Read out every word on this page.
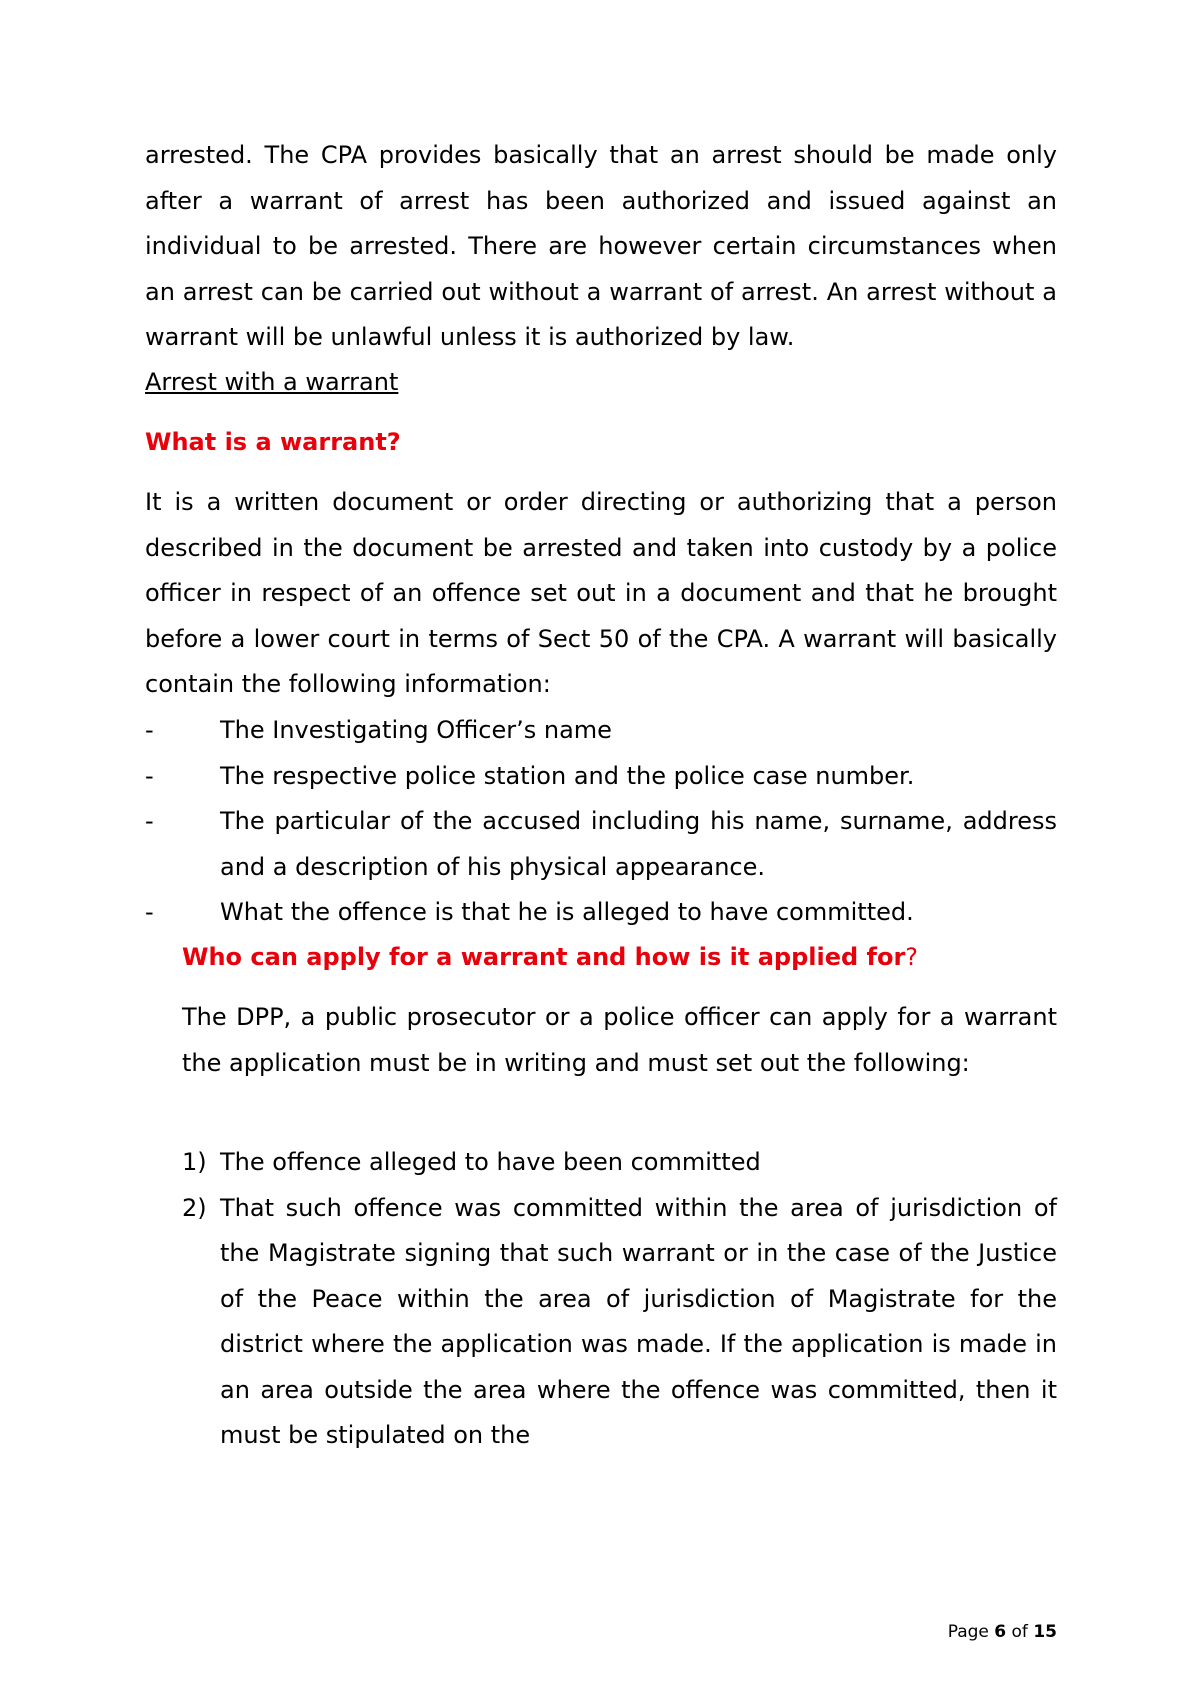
arrested. The CPA provides basically that an arrest should be made only after a warrant of arrest has been authorized and issued against an individual to be arrested. There are however certain circumstances when an arrest can be carried out without a warrant of arrest. An arrest without a warrant will be unlawful unless it is authorized by law.
Arrest with a warrant
What is a warrant?
It is a written document or order directing or authorizing that a person described in the document be arrested and taken into custody by a police officer in respect of an offence set out in a document and that he brought before a lower court in terms of Sect 50 of the CPA. A warrant will basically contain the following information:
-	The Investigating Officer’s name
-	The respective police station and the police case number.
-	The particular of the accused including his name, surname, address and a description of his physical appearance.
-	What the offence is that he is alleged to have committed.
Who can apply for a warrant and how is it applied for?
The DPP, a public prosecutor or a police officer can apply for a warrant the application must be in writing and must set out the following:
1) The offence alleged to have been committed
2) That such offence was committed within the area of jurisdiction of the Magistrate signing that such warrant or in the case of the Justice of the Peace within the area of jurisdiction of Magistrate for the district where the application was made. If the application is made in an area outside the area where the offence was committed, then it must be stipulated on the
Page 6 of 15
